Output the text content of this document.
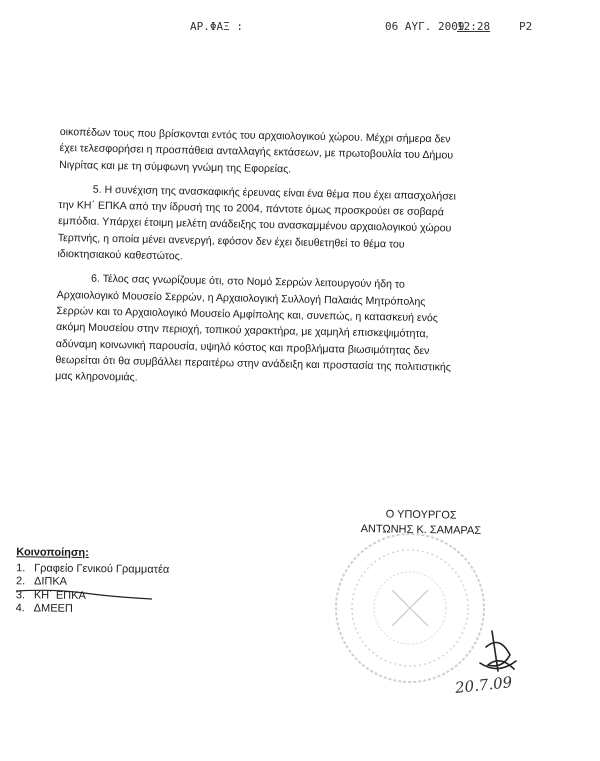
ΑΡ.ΦΑΞ :	06 ΑΥΓ. 2009
12:28	P2

οικοπέδων τους που βρίσκονται εντός του αρχαιολογικού χώρου. Μέχρι σήμερα δεν

έχει τελεσφορήσει η προσπάθεια ανταλλαγής εκτάσεων, με πρωτοβουλία του Δήμου

Νιγρίτας και με τη σύμφωνη γνώμη της Εφορείας.

5. Η συνέχιση της ανασκαφικής έρευνας είναι ένα θέμα που έχει απασχολήσει

την ΚΗ΄ ΕΠΚΑ από την ίδρυσή της το 2004, πάντοτε όμως προσκρούει σε σοβαρά

εμπόδια. Υπάρχει έτοιμη μελέτη ανάδειξης του ανασκαμμένου αρχαιολογικού χώρου

Τερπνής, η οποία μένει ανενεργή, εφόσον δεν έχει διευθετηθεί το θέμα του

ιδιοκτησιακού καθεστώτος.

6. Τέλος σας γνωρίζουμε ότι, στο Νομό Σερρών λειτουργούν ήδη το

Αρχαιολογικό Μουσείο Σερρών, η Αρχαιολογική Συλλογή Παλαιάς Μητρόπολης

Σερρών και το Αρχαιολογικό Μουσείο Αμφίπολης και, συνεπώς, η κατασκευή ενός

ακόμη Μουσείου στην περιοχή, τοπικού χαρακτήρα, με χαμηλή επισκεψιμότητα,

αδύναμη κοινωνική παρουσία, υψηλό κόστος και προβλήματα βιωσιμότητας δεν

θεωρείται ότι θα συμβάλλει περαιτέρω στην ανάδειξη και προστασία της πολιτιστικής

μας κληρονομιάς.

Ο ΥΠΟΥΡΓΟΣ
ΑΝΤΩΝΗΣ Κ. ΣΑΜΑΡΑΣ
Κοινοποίηση:
1. Γραφείο Γενικού Γραμματέα
2. ΔΙΠΚΑ
3. ΚΗ΄ ΕΠΚΑ
4. ΔΜΕΕΠ
20.7.09
